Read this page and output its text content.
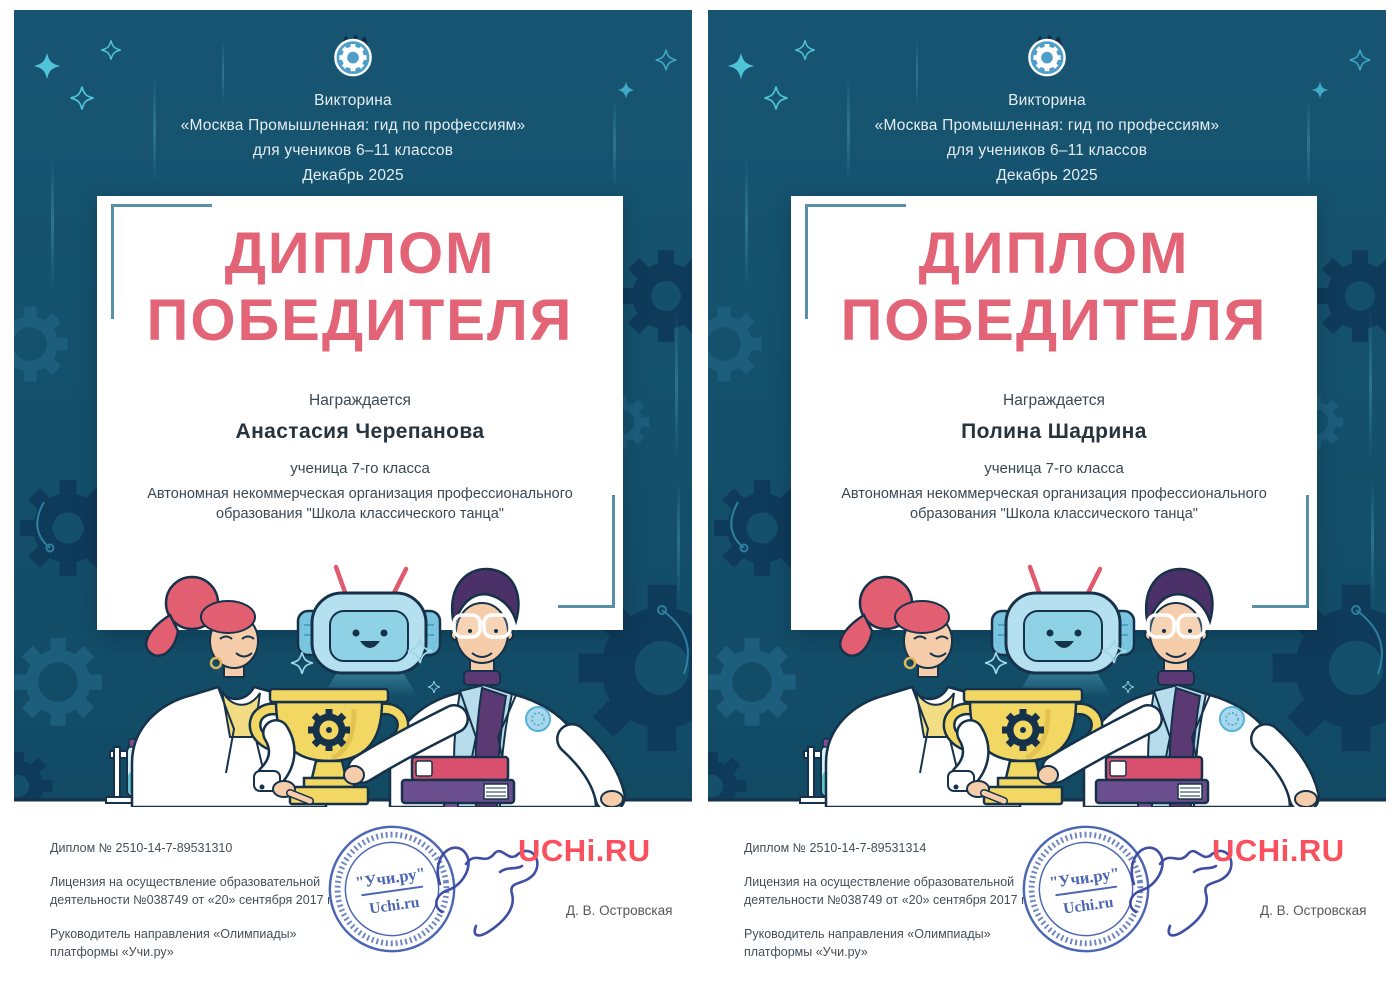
Викторина
«Москва Промышленная: гид по профессиям»
для учеников 6–11 классов
Декабрь 2025
ДИПЛОМ
ПОБЕДИТЕЛЯ
Награждается
Анастасия Черепанова
ученица 7-го класса
Автономная некоммерческая организация профессионального
образования "Школа классического танца"
Диплом № 2510-14-7-89531310
Лицензия на осуществление образовательной
деятельности №038749 от «20» сентября 2017 г.
Руководитель направления «Олимпиады»
платформы «Учи.ру»
"Учи.ру"
Uchi.ru
UCHi.RU
Д. В. Островская
Викторина
«Москва Промышленная: гид по профессиям»
для учеников 6–11 классов
Декабрь 2025
ДИПЛОМ
ПОБЕДИТЕЛЯ
Награждается
Полина Шадрина
ученица 7-го класса
Автономная некоммерческая организация профессионального
образования "Школа классического танца"
Диплом № 2510-14-7-89531314
Лицензия на осуществление образовательной
деятельности №038749 от «20» сентября 2017 г.
Руководитель направления «Олимпиады»
платформы «Учи.ру»
"Учи.ру"
Uchi.ru
UCHi.RU
Д. В. Островская
